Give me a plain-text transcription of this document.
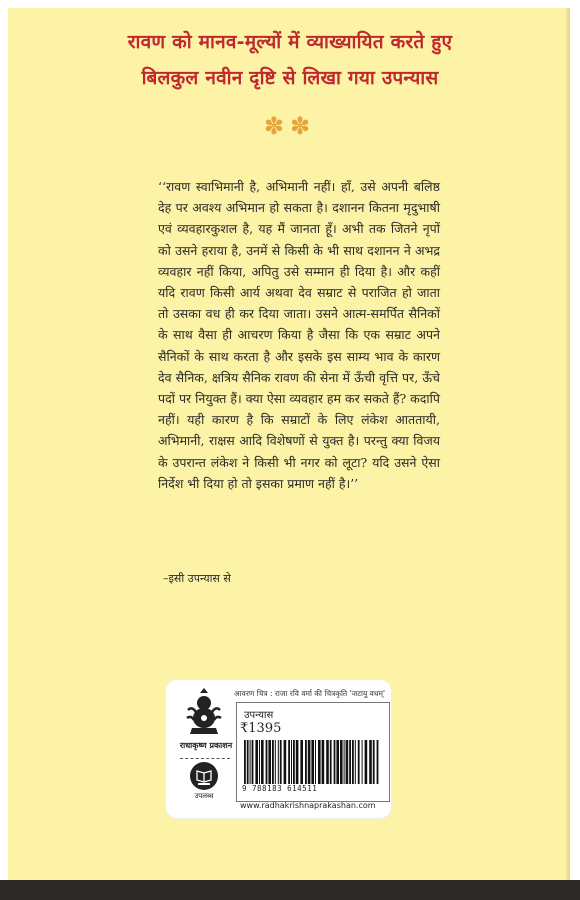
रावण को मानव-मूल्यों में व्याख्यायित करते हुए
बिलकुल नवीन दृष्टि से लिखा गया उपन्यास
✽✽
‘‘रावण स्वाभिमानी है, अभिमानी नहीं। हाँ, उसे अपनी बलिष्ठ देह पर अवश्य अभिमान हो सकता है। दशानन कितना मृदुभाषी एवं व्यवहारकुशल है, यह मैं जानता हूँ। अभी तक जितने नृपों को उसने हराया है, उनमें से किसी के भी साथ दशानन ने अभद्र व्यवहार नहीं किया, अपितु उसे सम्मान ही दिया है। और कहीं यदि रावण किसी आर्य अथवा देव सम्राट से पराजित हो जाता तो उसका वध ही कर दिया जाता। उसने आत्म-समर्पित सैनिकों के साथ वैसा ही आचरण किया है जैसा कि एक सम्राट अपने सैनिकों के साथ करता है और इसके इस साम्य भाव के कारण देव सैनिक, क्षत्रिय सैनिक रावण की सेना में ऊँची वृत्ति पर, ऊँचे पदों पर नियुक्त हैं। क्या ऐसा व्यवहार हम कर सकते हैं? कदापि नहीं। यही कारण है कि सम्राटों के लिए लंकेश आततायी, अभिमानी, राक्षस आदि विशेषणों से युक्त है। परन्तु क्या विजय के उपरान्त लंकेश ने किसी भी नगर को लूटा? यदि उसने ऐसा निर्देश भी दिया हो तो इसका प्रमाण नहीं है।’’
–इसी उपन्यास से
राधाकृष्ण प्रकाशन
उपलब्ध
आवरण चित्र : राजा रवि वर्मा की चित्रकृति 'जटायु वधम्'
उपन्यास
₹1395
9 788183 614511
www.radhakrishnaprakashan.com
